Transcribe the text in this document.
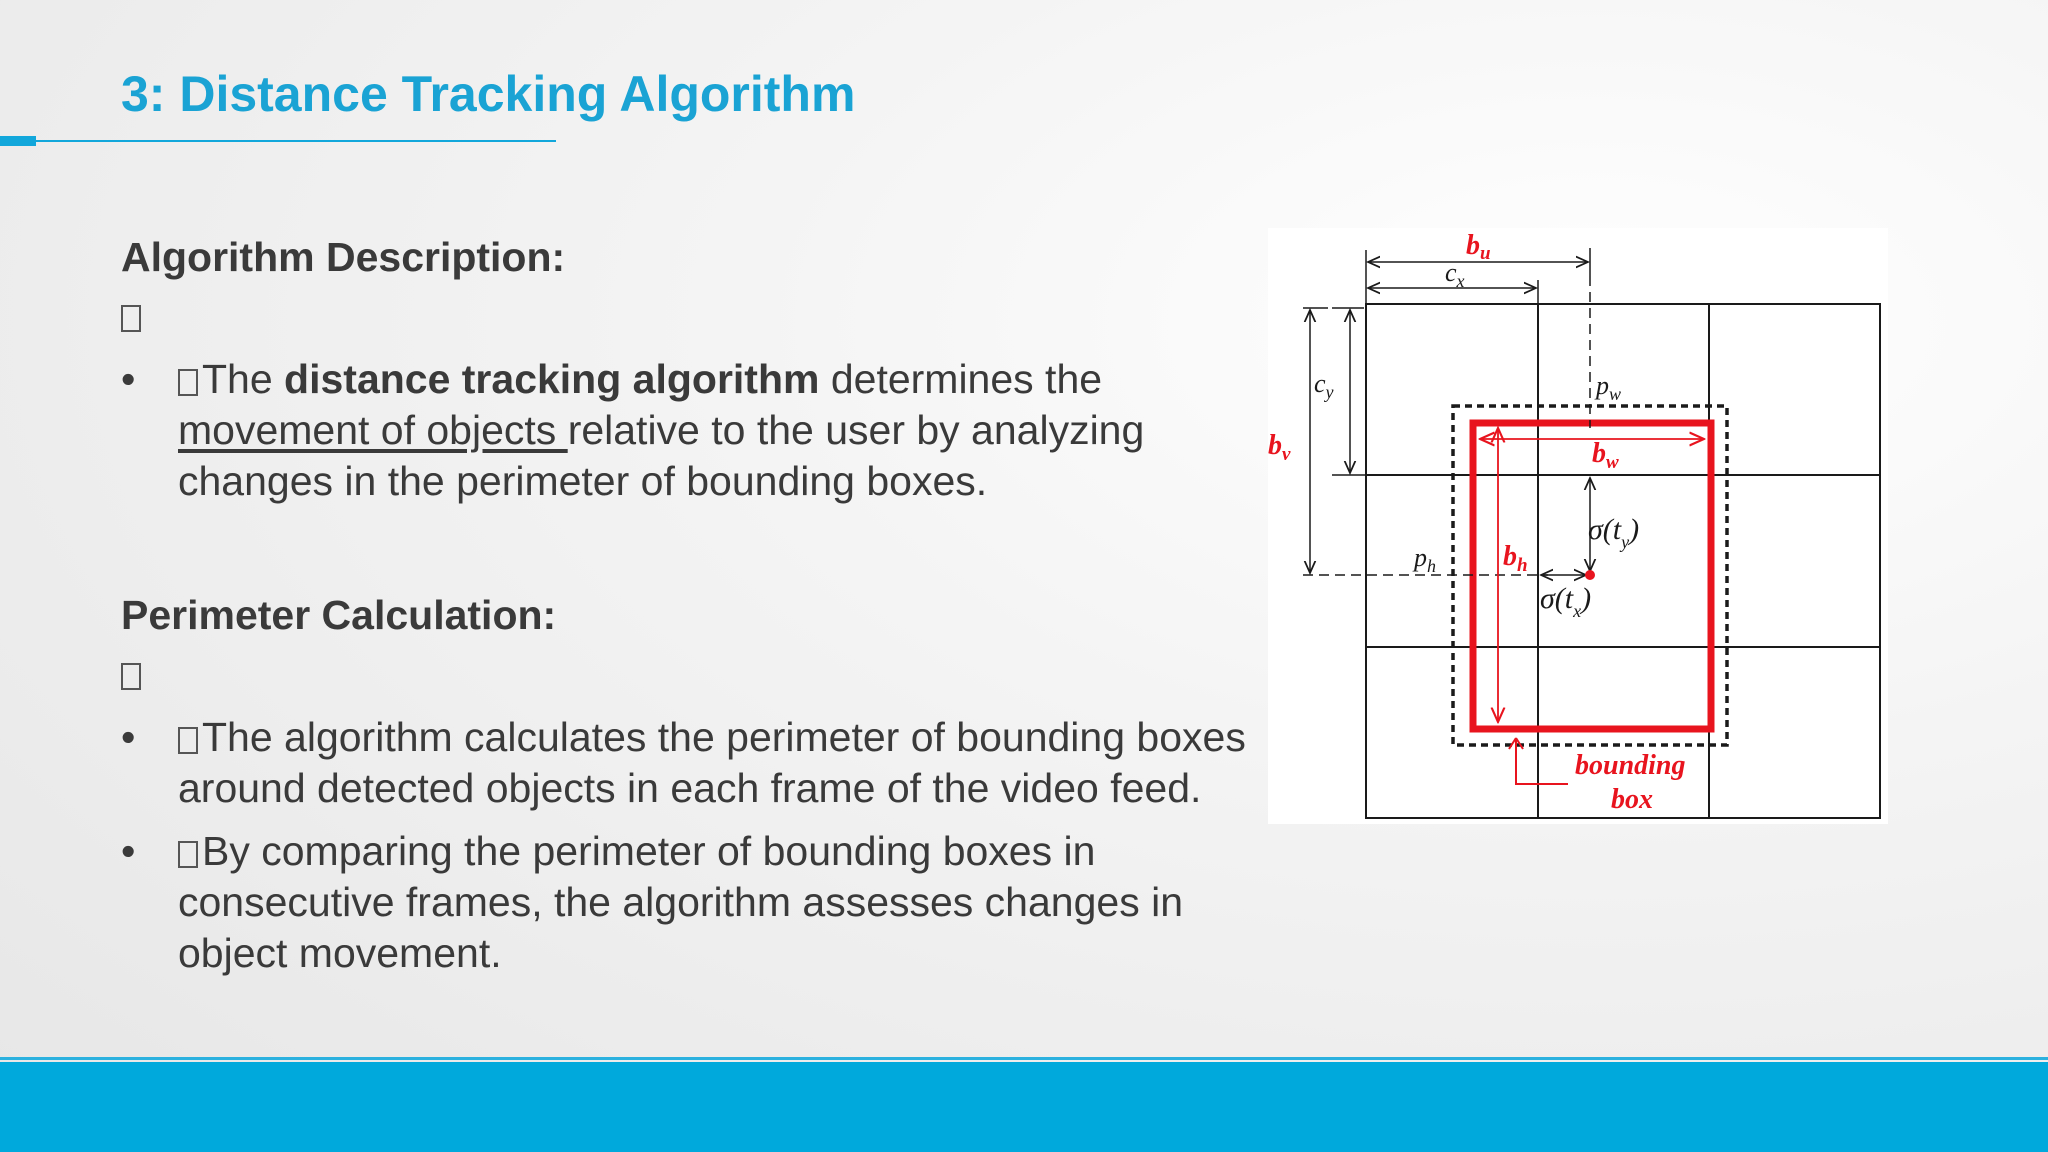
3: Distance Tracking Algorithm
Algorithm Description:

• The distance tracking algorithm determines the movement of objects relative to the user by analyzing changes in the perimeter of bounding boxes.

Perimeter Calculation:

• The algorithm calculates the perimeter of bounding boxes around detected objects in each frame of the video feed.

• By comparing the perimeter of bounding boxes in consecutive frames, the algorithm assesses changes in object movement.

bu
$c_x$
$c_y$
$b_v$
$p_w$
$b_w$
$p_h$ $b_h$
$\sigma(t_y)$
$\sigma(t_x)$
bounding
box
